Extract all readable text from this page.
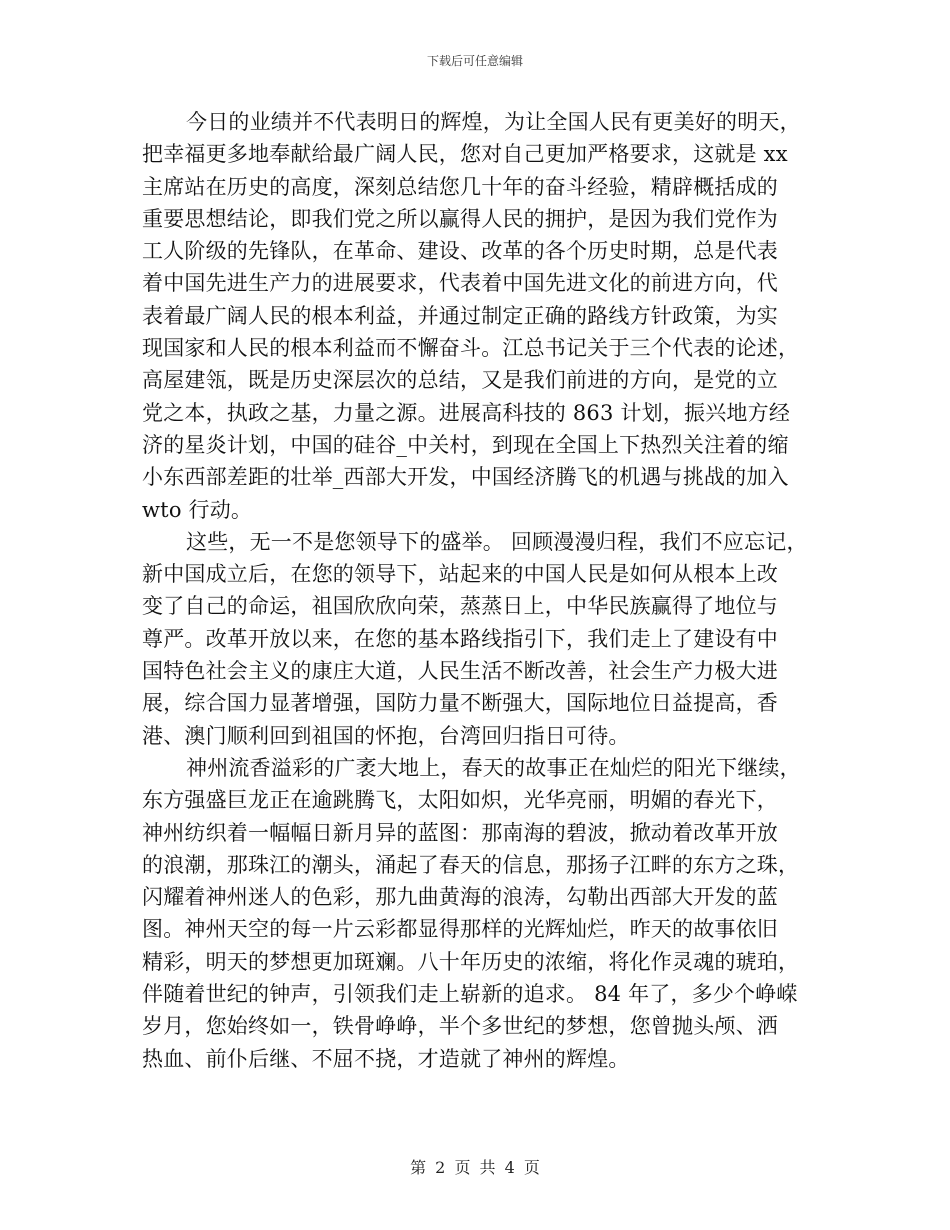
下载后可任意编辑
今日的业绩并不代表明日的辉煌，为让全国人民有更美好的明天，
把幸福更多地奉献给最广阔人民，您对自己更加严格要求，这就是 xx
主席站在历史的高度，深刻总结您几十年的奋斗经验，精辟概括成的
重要思想结论，即我们党之所以赢得人民的拥护，是因为我们党作为
工人阶级的先锋队，在革命、建设、改革的各个历史时期，总是代表
着中国先进生产力的进展要求，代表着中国先进文化的前进方向，代
表着最广阔人民的根本利益，并通过制定正确的路线方针政策，为实
现国家和人民的根本利益而不懈奋斗。江总书记关于三个代表的论述，
高屋建瓴，既是历史深层次的总结，又是我们前进的方向，是党的立
党之本，执政之基，力量之源。进展高科技的 863 计划，振兴地方经
济的星炎计划，中国的硅谷_中关村，到现在全国上下热烈关注着的缩
小东西部差距的壮举_西部大开发，中国经济腾飞的机遇与挑战的加入
wto 行动。
这些，无一不是您领导下的盛举。 回顾漫漫归程，我们不应忘记，
新中国成立后，在您的领导下，站起来的中国人民是如何从根本上改
变了自己的命运，祖国欣欣向荣，蒸蒸日上，中华民族赢得了地位与
尊严。改革开放以来，在您的基本路线指引下，我们走上了建设有中
国特色社会主义的康庄大道，人民生活不断改善，社会生产力极大进
展，综合国力显著增强，国防力量不断强大，国际地位日益提高，香
港、澳门顺利回到祖国的怀抱，台湾回归指日可待。
神州流香溢彩的广袤大地上，春天的故事正在灿烂的阳光下继续，
东方强盛巨龙正在逾跳腾飞，太阳如炽，光华亮丽，明媚的春光下，
神州纺织着一幅幅日新月异的蓝图：那南海的碧波，掀动着改革开放
的浪潮，那珠江的潮头，涌起了春天的信息，那扬子江畔的东方之珠，
闪耀着神州迷人的色彩，那九曲黄海的浪涛，勾勒出西部大开发的蓝
图。神州天空的每一片云彩都显得那样的光辉灿烂，昨天的故事依旧
精彩，明天的梦想更加斑斓。八十年历史的浓缩，将化作灵魂的琥珀，
伴随着世纪的钟声，引领我们走上崭新的追求。 84 年了，多少个峥嵘
岁月，您始终如一，铁骨峥峥，半个多世纪的梦想，您曾抛头颅、洒
热血、前仆后继、不屈不挠，才造就了神州的辉煌。
第 2 页 共 4 页
